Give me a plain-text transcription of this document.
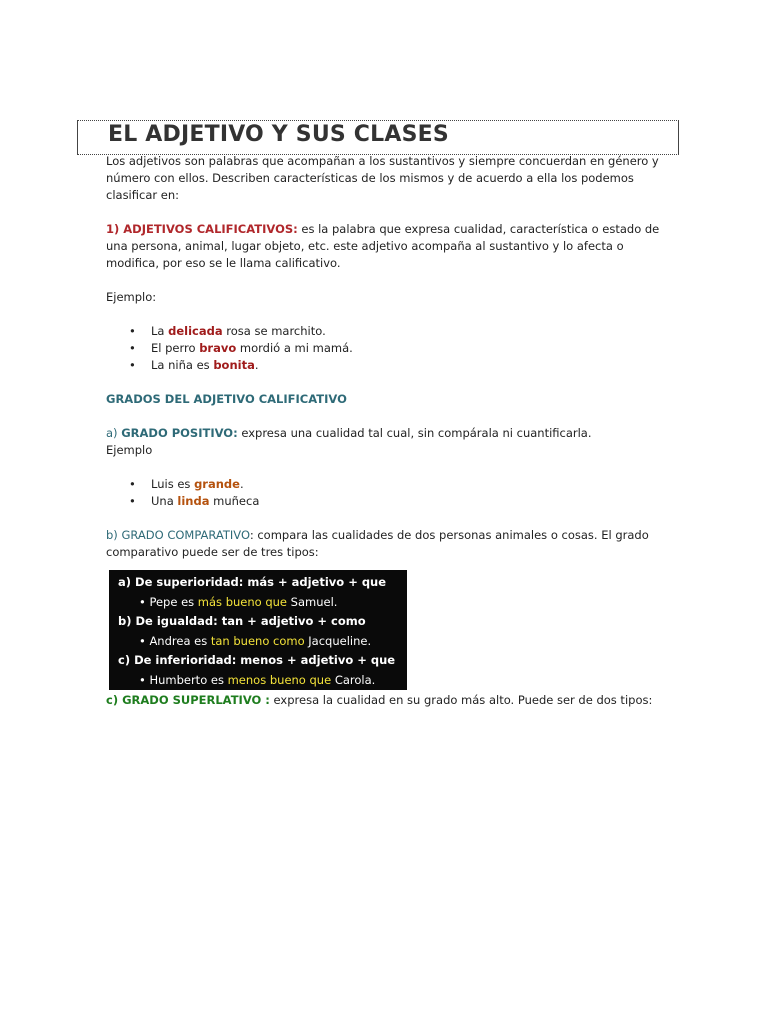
EL ADJETIVO Y SUS CLASES

Los adjetivos son palabras que acompañan a los sustantivos y siempre concuerdan en género y número con ellos. Describen características de los mismos y de acuerdo a ella los podemos clasificar en:

1) ADJETIVOS CALIFICATIVOS: es la palabra que expresa cualidad, característica o estado de una persona, animal, lugar objeto, etc. este adjetivo acompaña al sustantivo y lo afecta o modifica, por eso se le llama calificativo.

Ejemplo:

• La delicada rosa se marchito.
• El perro bravo mordió a mi mamá.
• La niña es bonita.

GRADOS DEL ADJETIVO CALIFICATIVO

a) GRADO POSITIVO: expresa una cualidad tal cual, sin compárala ni cuantificarla.

Ejemplo

• Luis es grande.
• Una linda muñeca

b) GRADO COMPARATIVO: compara las cualidades de dos personas animales o cosas. El grado comparativo puede ser de tres tipos:

a) De superioridad: más + adjetivo + que
• Pepe es más bueno que Samuel.
b) De igualdad: tan + adjetivo + como
• Andrea es tan bueno como Jacqueline.
c) De inferioridad: menos + adjetivo + que
• Humberto es menos bueno que Carola.

c) GRADO SUPERLATIVO : expresa la cualidad en su grado más alto. Puede ser de dos tipos:
